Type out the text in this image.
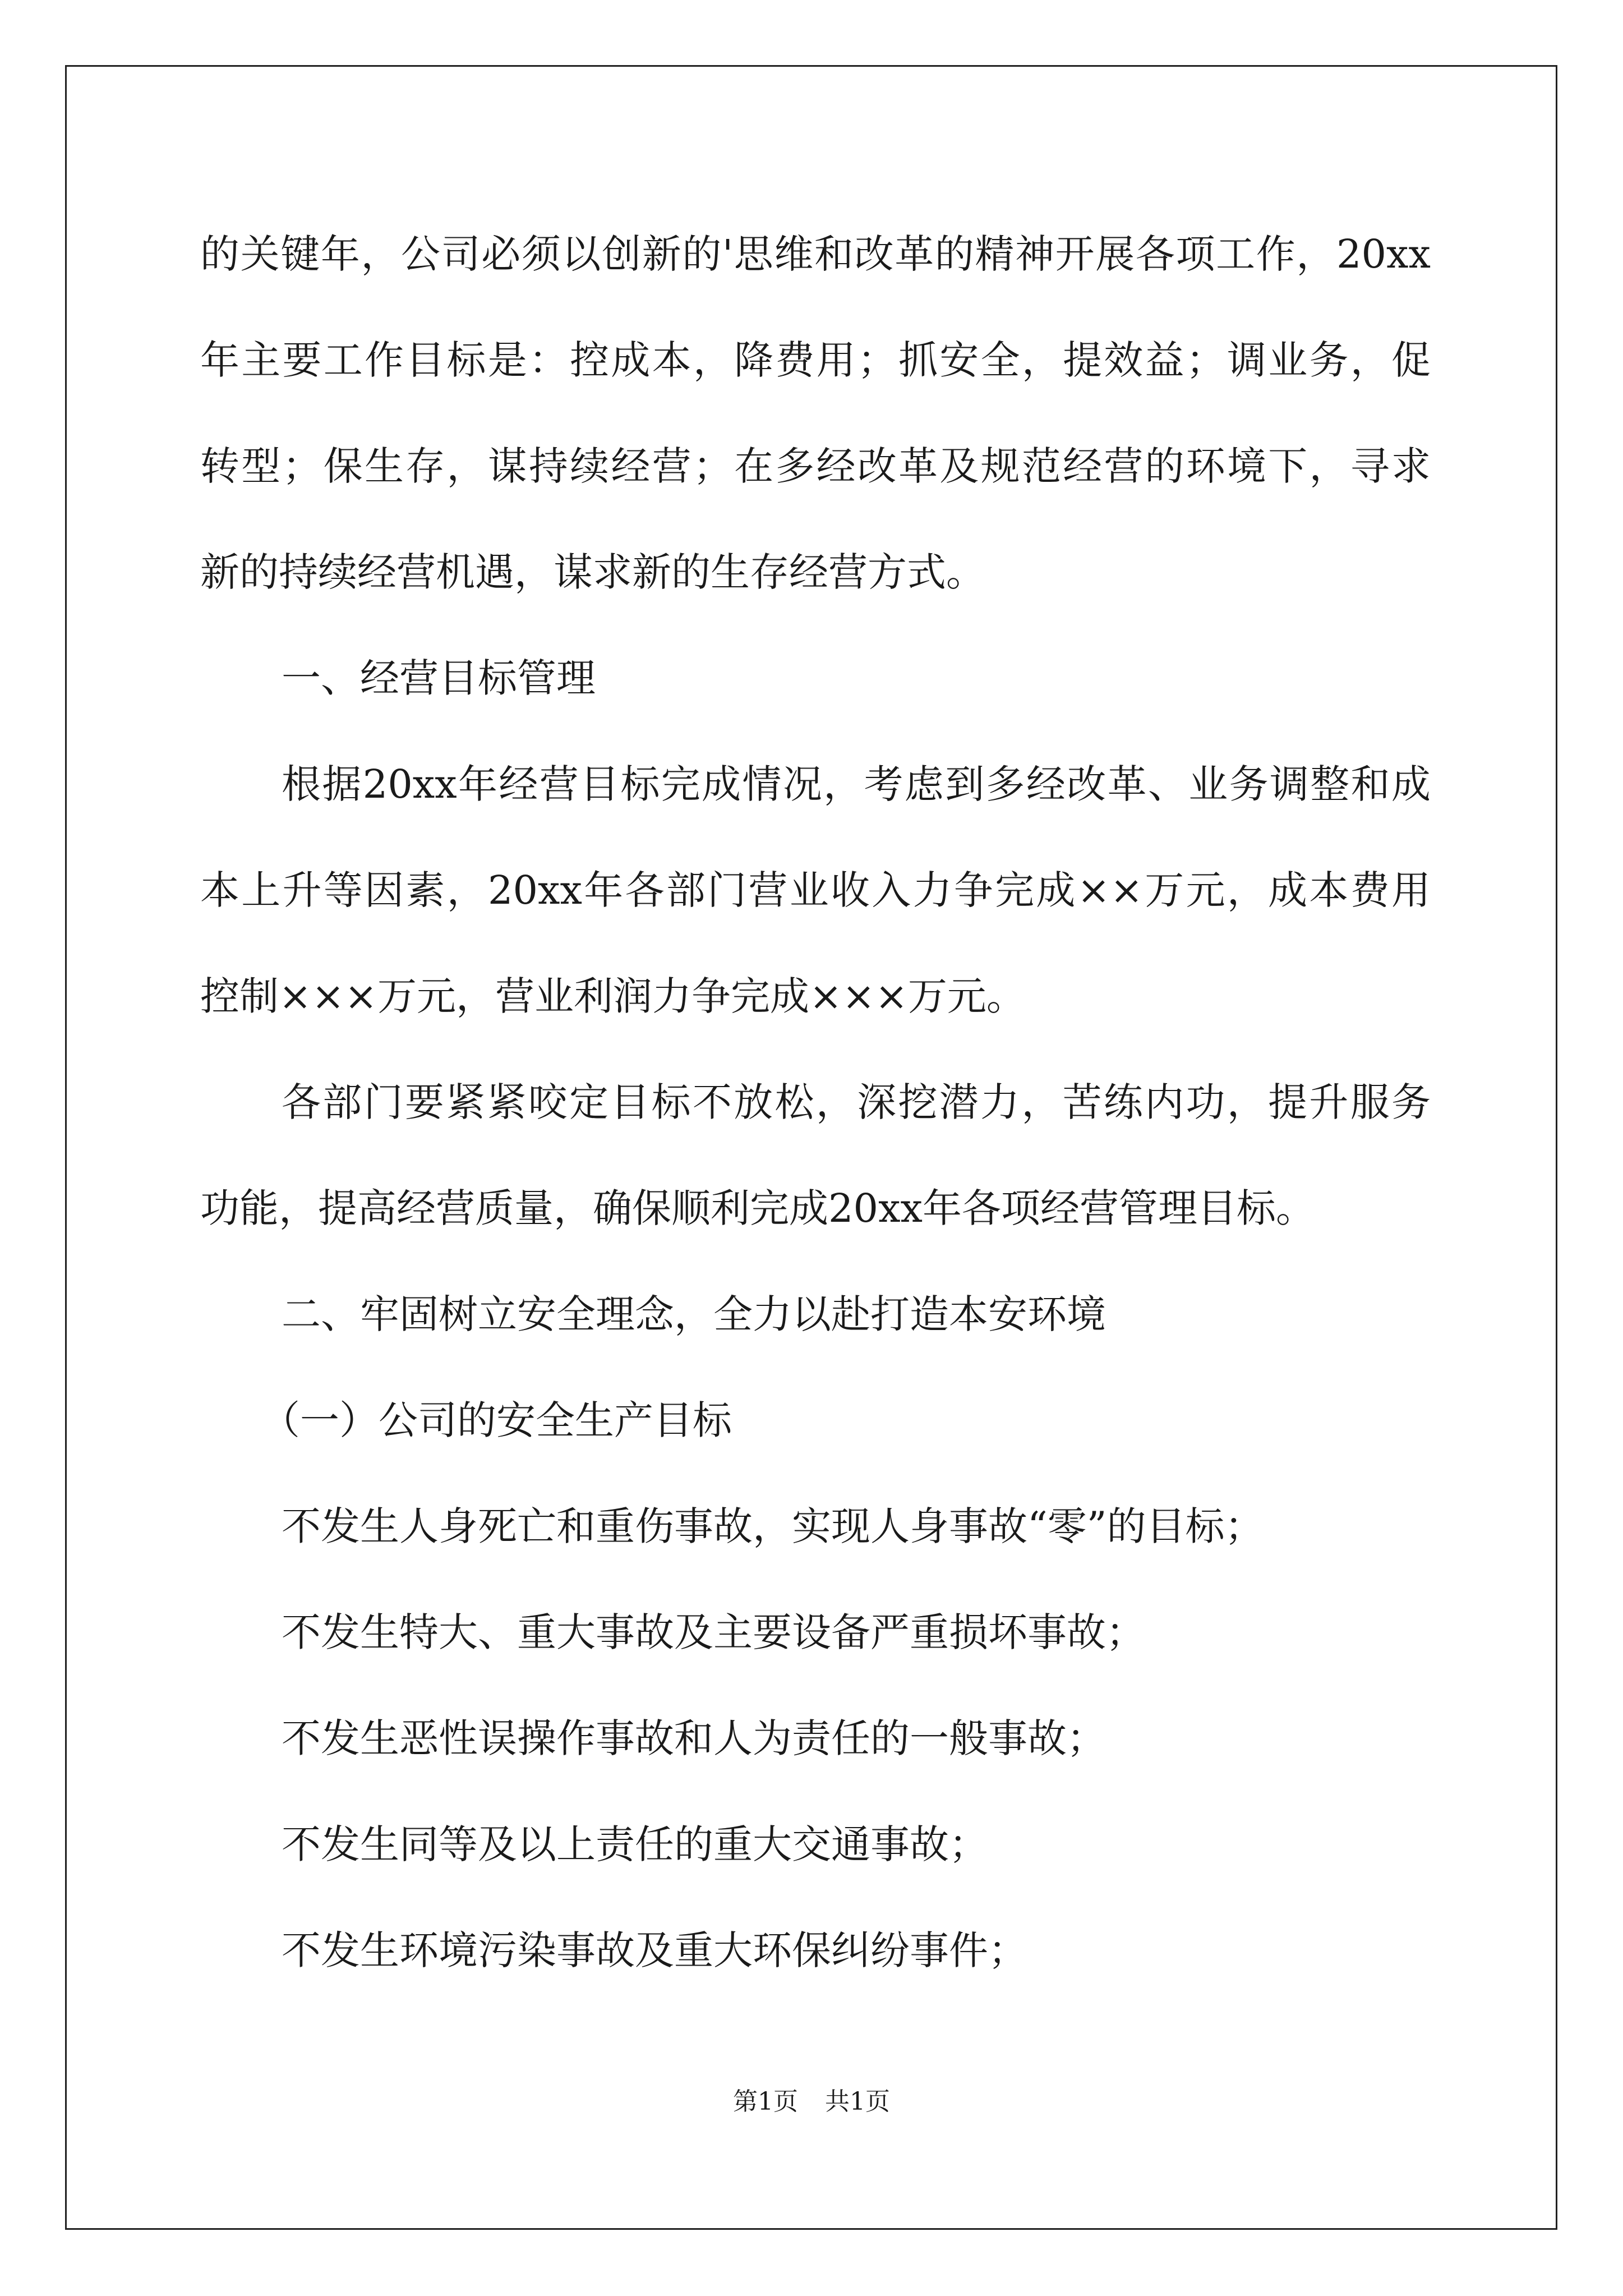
的关键年，公司必须以创新的'思维和改革的精神开展各项工作，20xx
年主要工作目标是：控成本，降费用；抓安全，提效益；调业务，促
转型；保生存，谋持续经营；在多经改革及规范经营的环境下，寻求
新的持续经营机遇，谋求新的生存经营方式。
一、经营目标管理
根据20xx年经营目标完成情况，考虑到多经改革、业务调整和成
本上升等因素，20xx年各部门营业收入力争完成××万元，成本费用
控制×××万元，营业利润力争完成×××万元。
各部门要紧紧咬定目标不放松，深挖潜力，苦练内功，提升服务
功能，提高经营质量，确保顺利完成20xx年各项经营管理目标。
二、牢固树立安全理念，全力以赴打造本安环境
（一）公司的安全生产目标
不发生人身死亡和重伤事故，实现人身事故“零”的目标；
不发生特大、重大事故及主要设备严重损坏事故；
不发生恶性误操作事故和人为责任的一般事故；
不发生同等及以上责任的重大交通事故；
不发生环境污染事故及重大环保纠纷事件；
第1页 共1页
